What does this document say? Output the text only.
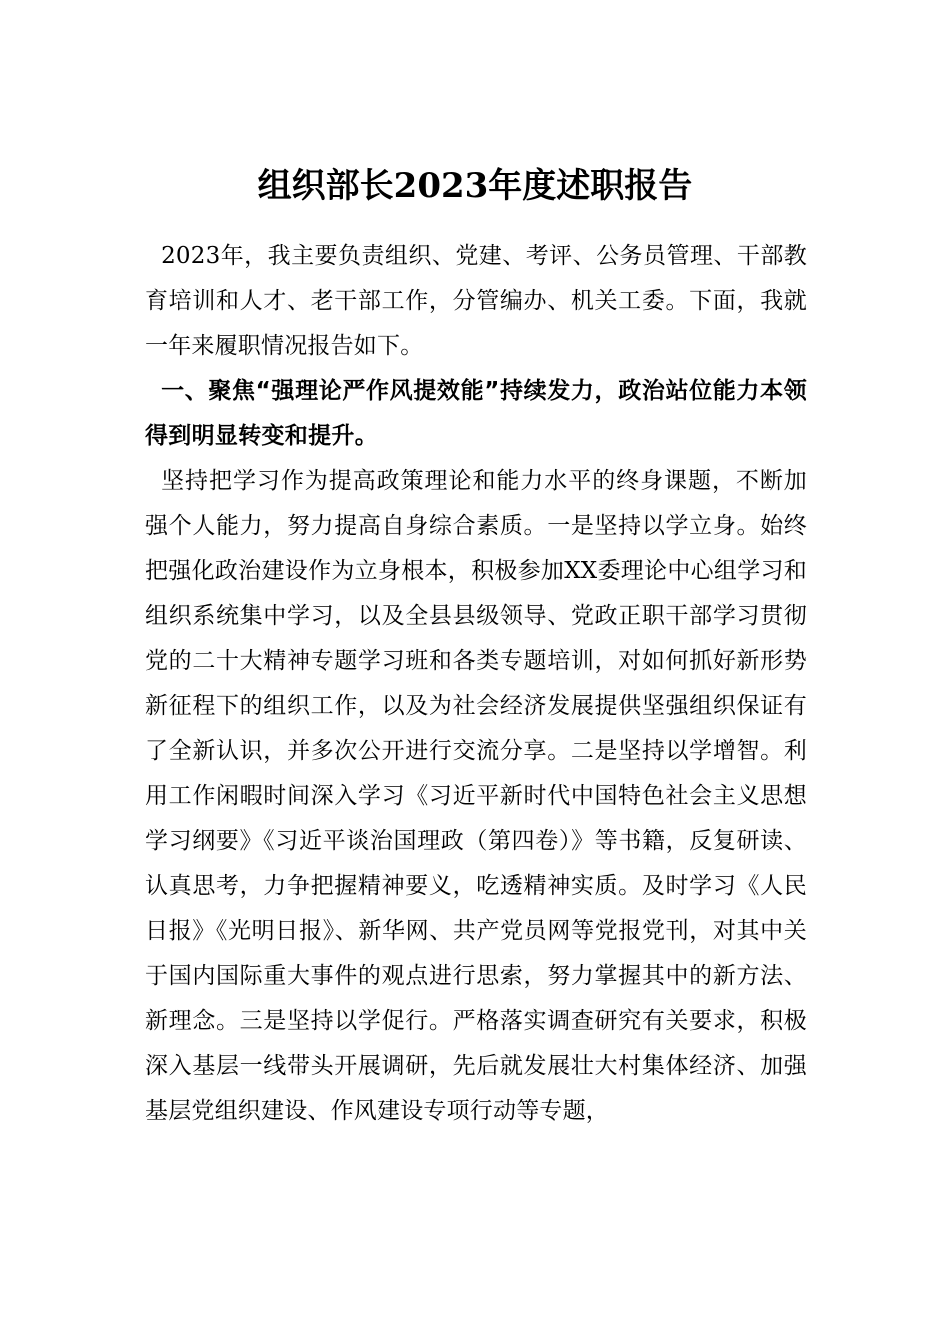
组织部长2023年度述职报告

2023年，我主要负责组织、党建、考评、公务员管理、干部教育培训和人才、老干部工作，分管编办、机关工委。下面，我就一年来履职情况报告如下。

一、聚焦“强理论严作风提效能”持续发力，政治站位能力本领得到明显转变和提升。

坚持把学习作为提高政策理论和能力水平的终身课题，不断加强个人能力，努力提高自身综合素质。一是坚持以学立身。始终把强化政治建设作为立身根本，积极参加XX委理论中心组学习和组织系统集中学习，以及全县县级领导、党政正职干部学习贯彻党的二十大精神专题学习班和各类专题培训，对如何抓好新形势新征程下的组织工作，以及为社会经济发展提供坚强组织保证有了全新认识，并多次公开进行交流分享。二是坚持以学增智。利用工作闲暇时间深入学习《习近平新时代中国特色社会主义思想学习纲要》《习近平谈治国理政（第四卷）》等书籍，反复研读、认真思考，力争把握精神要义，吃透精神实质。及时学习《人民日报》《光明日报》、新华网、共产党员网等党报党刊，对其中关于国内国际重大事件的观点进行思索，努力掌握其中的新方法、新理念。三是坚持以学促行。严格落实调查研究有关要求，积极深入基层一线带头开展调研，先后就发展壮大村集体经济、加强基层党组织建设、作风建设专项行动等专题，
